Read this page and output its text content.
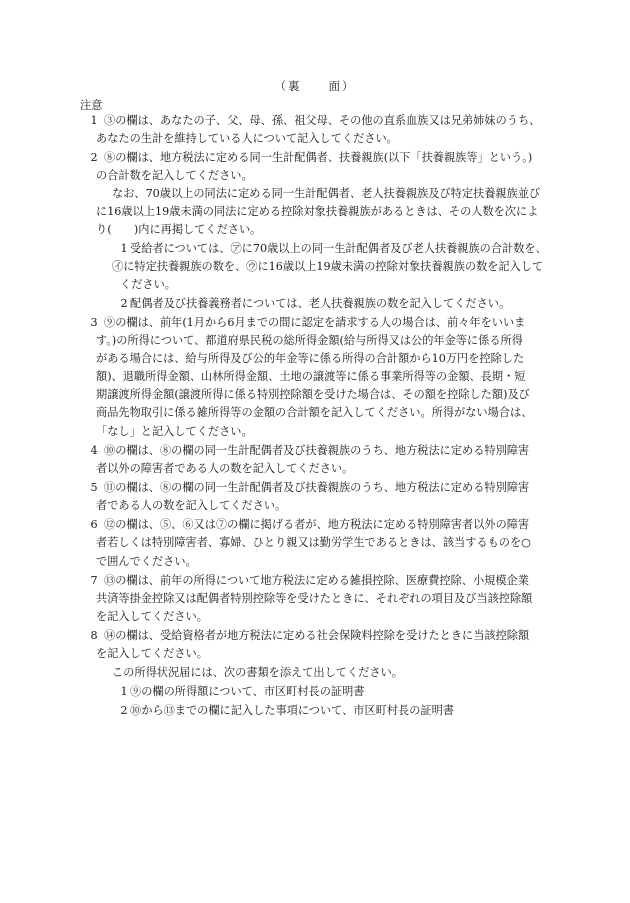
（裏　　面）
注意
1 ③の欄は、あなたの子、父、母、孫、祖父母、その他の直系血族又は兄弟姉妹のうち、
あなたの生計を維持している人について記入してください。
2 ⑧の欄は、地方税法に定める同一生計配偶者、扶養親族(以下「扶養親族等」という。)
の合計数を記入してください。
なお、70歳以上の同法に定める同一生計配偶者、老人扶養親族及び特定扶養親族並び
に16歳以上19歳未満の同法に定める控除対象扶養親族があるときは、その人数を次によ
り(　　)内に再掲してください。
1 受給者については、㋐に70歳以上の同一生計配偶者及び老人扶養親族の合計数を、
㋑に特定扶養親族の数を、㋒に16歳以上19歳未満の控除対象扶養親族の数を記入して
ください。
2 配偶者及び扶養義務者については、老人扶養親族の数を記入してください。
3 ⑨の欄は、前年(1月から6月までの間に認定を請求する人の場合は、前々年をいいま
す。)の所得について、都道府県民税の総所得金額(給与所得又は公的年金等に係る所得
がある場合には、給与所得及び公的年金等に係る所得の合計額から10万円を控除した
額)、退職所得金額、山林所得金額、土地の譲渡等に係る事業所得等の金額、長期・短
期譲渡所得金額(譲渡所得に係る特別控除額を受けた場合は、その額を控除した額)及び
商品先物取引に係る雑所得等の金額の合計額を記入してください。所得がない場合は、
「なし」と記入してください。
4 ⑩の欄は、⑧の欄の同一生計配偶者及び扶養親族のうち、地方税法に定める特別障害
者以外の障害者である人の数を記入してください。
5 ⑪の欄は、⑧の欄の同一生計配偶者及び扶養親族のうち、地方税法に定める特別障害
者である人の数を記入してください。
6 ⑫の欄は、⑤、⑥又は⑦の欄に掲げる者が、地方税法に定める特別障害者以外の障害
者若しくは特別障害者、寡婦、ひとり親又は勤労学生であるときは、該当するものを○
で囲んでください。
7 ⑬の欄は、前年の所得について地方税法に定める雑損控除、医療費控除、小規模企業
共済等掛金控除又は配偶者特別控除等を受けたときに、それぞれの項目及び当該控除額
を記入してください。
8 ⑭の欄は、受給資格者が地方税法に定める社会保険料控除を受けたときに当該控除額
を記入してください。
この所得状況届には、次の書類を添えて出してください。
1 ⑨の欄の所得額について、市区町村長の証明書
2 ⑩から⑬までの欄に記入した事項について、市区町村長の証明書
